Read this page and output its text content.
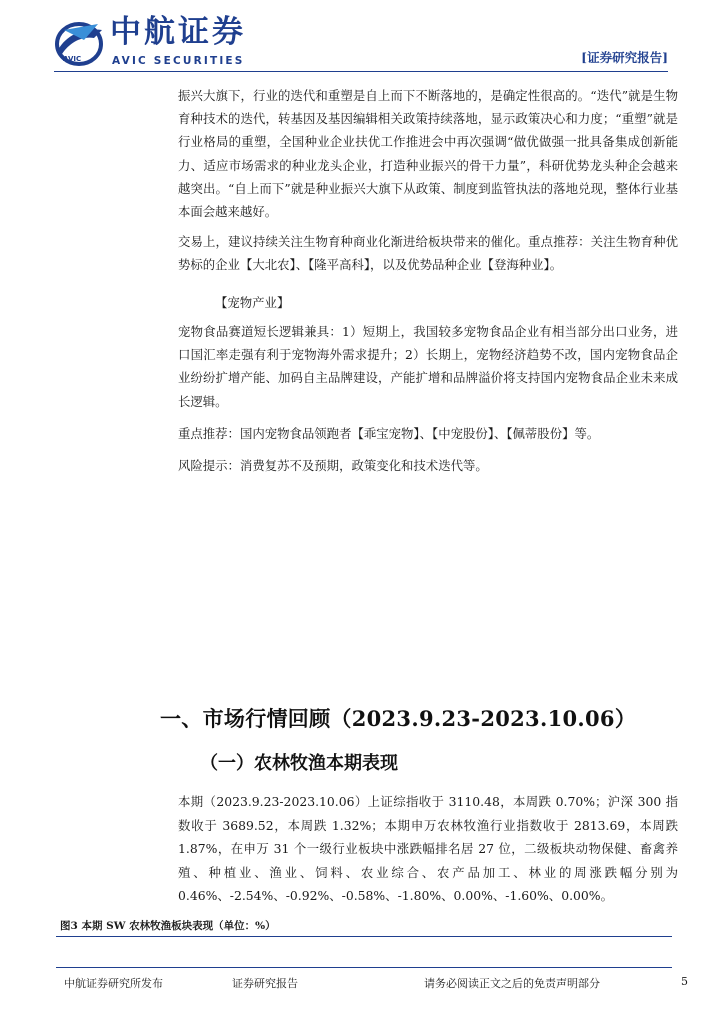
AVIC
中航证券
AVIC SECURITIES	[证券研究报告]

振兴大旗下，行业的迭代和重塑是自上而下不断落地的，是确定性很高的。“迭代”就是生物育种技术的迭代，转基因及基因编辑相关政策持续落地，显示政策决心和力度；“重塑”就是行业格局的重塑，全国种业企业扶优工作推进会中再次强调“做优做强一批具备集成创新能力、适应市场需求的种业龙头企业，打造种业振兴的骨干力量”，科研优势龙头种企会越来越突出。“自上而下”就是种业振兴大旗下从政策、制度到监管执法的落地兑现，整体行业基本面会越来越好。

交易上，建议持续关注生物育种商业化渐进给板块带来的催化。重点推荐：关注生物育种优势标的企业【大北农】、【隆平高科】，以及优势品种企业【登海种业】。

【宠物产业】

宠物食品赛道短长逻辑兼具：1）短期上，我国较多宠物食品企业有相当部分出口业务，进口国汇率走强有利于宠物海外需求提升；2）长期上，宠物经济趋势不改，国内宠物食品企业纷纷扩增产能、加码自主品牌建设，产能扩增和品牌溢价将支持国内宠物食品企业未来成长逻辑。

重点推荐：国内宠物食品领跑者【乖宝宠物】、【中宠股份】、【佩蒂股份】等。

风险提示：消费复苏不及预期，政策变化和技术迭代等。

一、市场行情回顾（2023.9.23-2023.10.06）
（一）农林牧渔本期表现

本期（2023.9.23-2023.10.06）上证综指收于 3110.48，本周跌 0.70%；沪深 300 指数收于 3689.52，本周跌 1.32%；本期申万农林牧渔行业指数收于 2813.69，本周跌 1.87%，在申万 31 个一级行业板块中涨跌幅排名居 27 位，二级板块动物保健、畜禽养殖、种植业、渔业、饲料、农业综合、农产品加工、林业的周涨跌幅分别为 0.46%、-2.54%、-0.92%、-0.58%、-1.80%、0.00%、-1.60%、0.00%。

图3 本期 SW 农林牧渔板块表现（单位：%）
中航证券研究所发布	证券研究报告	请务必阅读正文之后的免责声明部分	5
